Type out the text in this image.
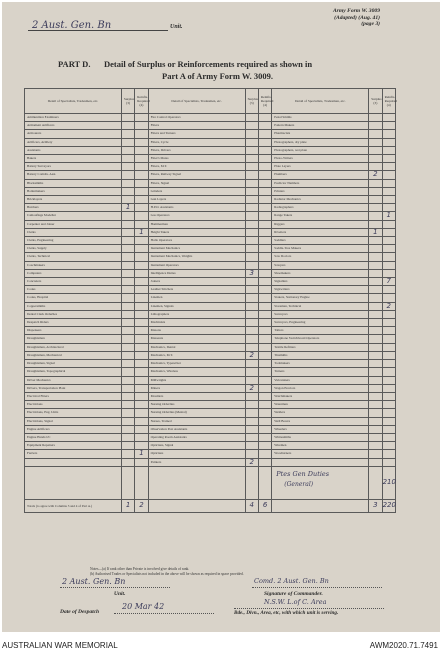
2 Aust. Gen. Bn	Unit.
Army Form W. 3009
(Adapted) (Aug. 41)
(page 3)
PART D. Detail of Surplus or Reinforcements required as shown in
Part A of Army Form W. 3009.
Detail of Specialists, Tradesmen, etc.	Surplus (3)	Reinfts. Required (4)	Detail of Specialists, Tradesmen, etc.	Surplus (3)	Reinfts. Required (4)	Detail of Specialists, Tradesmen, etc.	Surplus (3)	Reinfts. Required (4)
Ammunition Examiners			Fire Control Operators			Penal Smiths		
Armament Artificers			Fitters			Pattern Makers		
Armourers			Fitters and Turners			Pharmacists		
Artificers, Artillery			Fitters, Cycle			Photographers, dry plate		
Assistants			Fitters, Drivers			Photographers, wet plate		
Bakers			Fitter's Mates			Photo-Writers		
Battery Surveyors			Fitters, M.T.			Plate Layers		
Battery Comdrs. Asst.			Fitters, Railway Signal			Plumbers	2	
Blacksmiths			Fitters, Signal			Predictor Numbers		
Boilermakers			Grinders			Printers		
Bricklayers			Gun Layers			Radiator Mechanics		
Butchers	1		H.P.O. Assistants			Radiographers		
Camouflage Modeller			Gas Operators			Range Takers		1
Carpenter and Joiner			Hammermen			Riggers		
Clerks		1	Height Takers			Rivetters	1	
Clerks, Engineering			Hollo Operators			Saddlers		
Clerks, Supply			Instrument Mechanics			Saddle-Tree Makers		
Clerks, Technical			Instrument Mechanics, Weights			Saw Doctors		
Coachmakers			Instrument Operators			Sawyers		
Computers			Intelligence Duties	3		Shoemakers		
Concreters			Joiners			Signallers		7
Cooks			Leather Stitchers			Signwriters		
Cooks, Hospital			Linemen			Stokers, Stationary Engine		
Coppersmiths			Linemen, Signals			Storemen, Technical		2
Dental Clerk Orderlies			Lithographers			Surveyors		
Despatch Riders			Machinists			Surveyors, Engineering		
Dispensers			Masons			Tailors		
Draughtsmen			Masseurs			Telephone Switchboard Operators		
Draughtsmen, Architectural			Mechanics, Dental			Textile Refitters		
Draughtsmen, Mechanical			Mechanics, M.T.	2		Tinsmiths		
Draughtsmen, Signal			Mechanics, Typewriter			Toolmakers		
Draughtsmen, Topographical			Mechanics, Wireless			Turners		
Driver Mechanics			Millwrights			Vulcanizers		
Drivers, Transportation Plant			Miners	2		Wagon Erectors		
Electrical Fitters			Moulders			Watchmakers		
Electricians			Nursing Orderlies			Watermen		
Electricians, Eng. Units			Nursing Orderlies (Mental)			Welders		
Electricians, Signal			Nurses, Trained			Well Borers		
Engine Artificers			Observation Post Assistants			Wheelers		
Engine Hands I/C			Operating Room Assistants			Whitesmiths		
Equipment Repairers			Opticians, Signal			Wiremen		
Farriers		1	Opticians			Woodturners		
			Painters	2				

						Ptes Gen Duties
(General)		210
Totals (to agree with Columns 3 and 4 of Part A.)	1	2		4	6		3	220
Notes—(a) If rank other than Private is involved give details of rank.
(b) Authorised Trades or Specialists not included in the above will be shown as required in space provided.
2 Aust. Gen. Bn
Unit.
Comd. 2 Aust. Gen. Bn
Signature of Commander.
Date of Despatch
20 Mar 42	N.S.W. L.of C. Area
Bde., Divn., Area, etc, with which unit is serving.
AUSTRALIAN WAR MEMORIAL	AWM2020.71.7491
